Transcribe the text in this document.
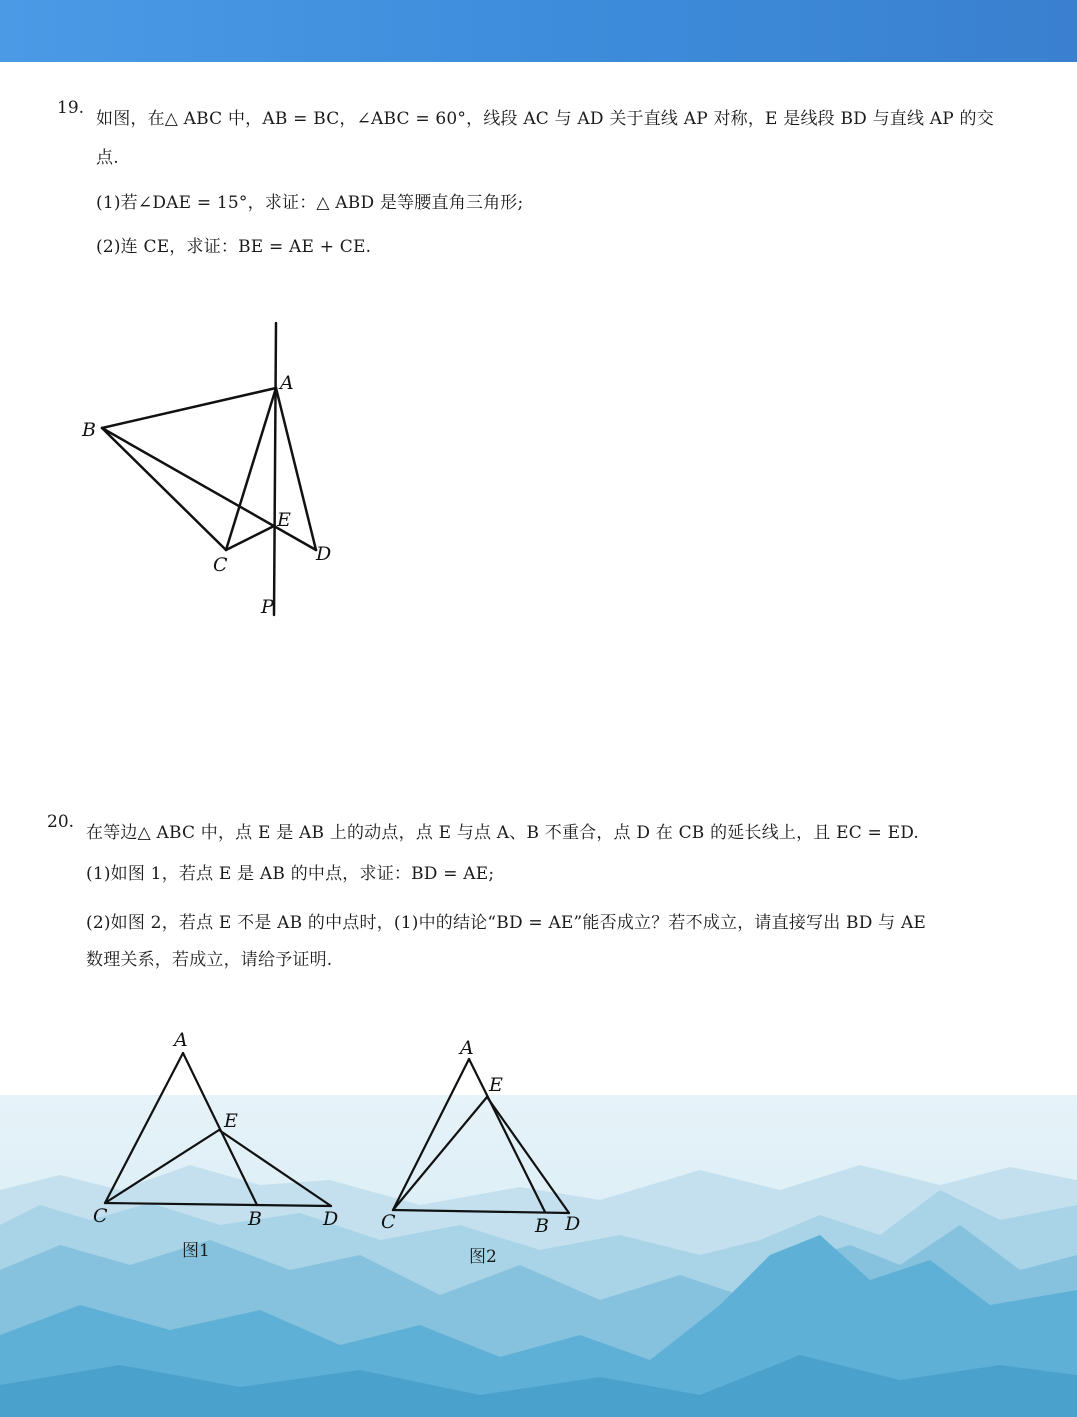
19.
如图，在△ ABC 中，AB = BC，∠ABC = 60°，线段 AC 与 AD 关于直线 AP 对称，E 是线段 BD 与直线 AP 的交
点.
(1)若∠DAE = 15°，求证：△ ABD 是等腰直角三角形;
(2)连 CE，求证：BE = AE + CE.
A
B
E
C	D
P
20.
在等边△ ABC 中，点 E 是 AB 上的动点，点 E 与点 A、B 不重合，点 D 在 CB 的延长线上，且 EC = ED.
(1)如图 1，若点 E 是 AB 的中点，求证：BD = AE;
(2)如图 2，若点 E 不是 AB 的中点时，(1)中的结论“BD = AE”能否成立？若不成立，请直接写出 BD 与 AE
数理关系，若成立，请给予证明.
A
E
C	B	D
图1
A
E
C	B D
图2
